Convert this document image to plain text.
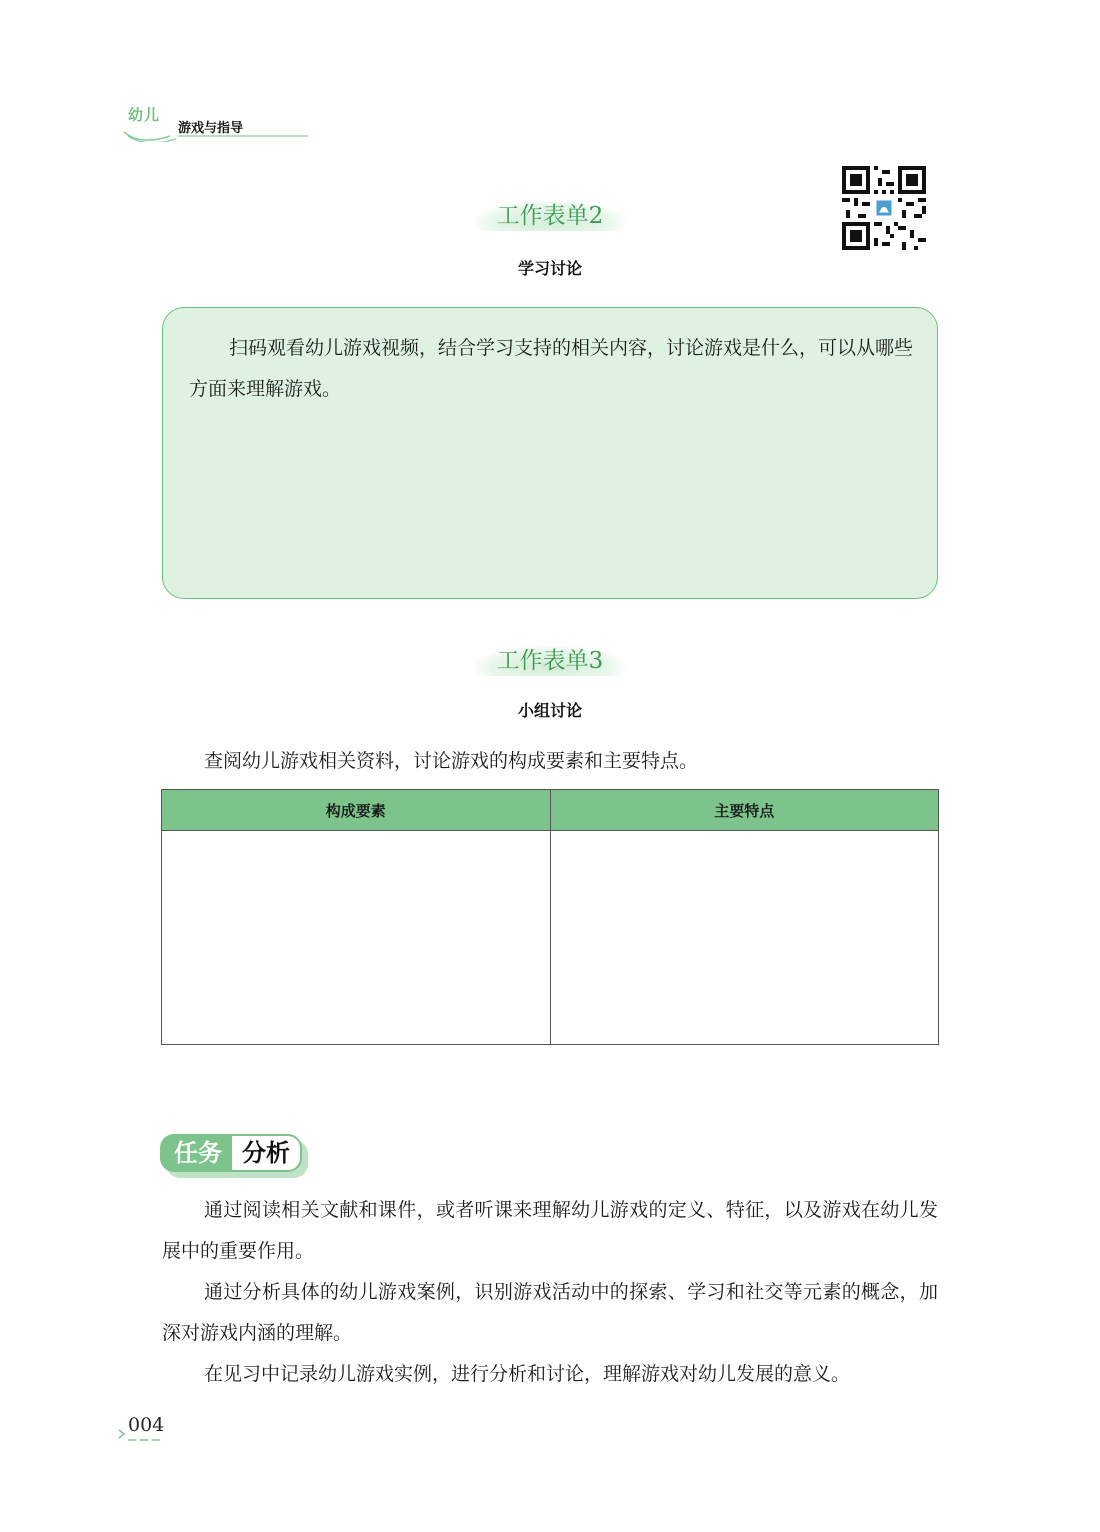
幼儿
游戏与指导
工作表单2
学习讨论

扫码观看幼儿游戏视频，结合学习支持的相关内容，讨论游戏是什么，可以从哪些方面来理解游戏。

工作表单3
小组讨论
查阅幼儿游戏相关资料，讨论游戏的构成要素和主要特点。
构成要素	主要特点

任务 分析

通过阅读相关文献和课件，或者听课来理解幼儿游戏的定义、特征，以及游戏在幼儿发展中的重要作用。

通过分析具体的幼儿游戏案例，识别游戏活动中的探索、学习和社交等元素的概念，加深对游戏内涵的理解。

在见习中记录幼儿游戏实例，进行分析和讨论，理解游戏对幼儿发展的意义。

004
